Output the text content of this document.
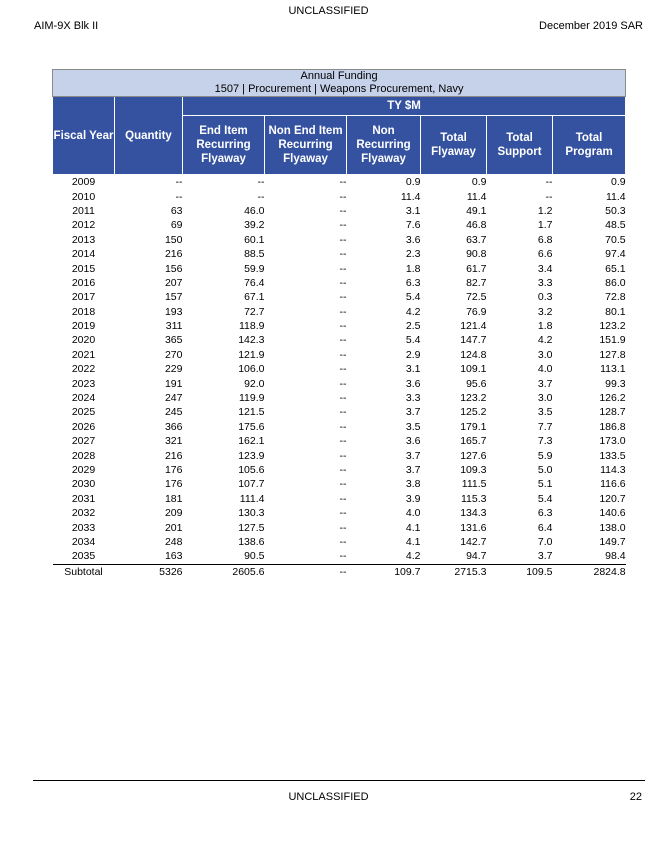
UNCLASSIFIED
AIM-9X Blk II	December 2019 SAR
Annual Funding
1507 | Procurement | Weapons Procurement, Navy							

Fiscal Year	Quantity	TY $M					
		End Item Recurring Flyaway	Non End Item Recurring Flyaway	Non Recurring Flyaway	Total Flyaway	Total Support	Total Program
2009	--	--	--	0.9	0.9	--	0.9
2010	--	--	--	11.4	11.4	--	11.4
2011	63	46.0	--	3.1	49.1	1.2	50.3
2012	69	39.2	--	7.6	46.8	1.7	48.5
2013	150	60.1	--	3.6	63.7	6.8	70.5
2014	216	88.5	--	2.3	90.8	6.6	97.4
2015	156	59.9	--	1.8	61.7	3.4	65.1
2016	207	76.4	--	6.3	82.7	3.3	86.0
2017	157	67.1	--	5.4	72.5	0.3	72.8
2018	193	72.7	--	4.2	76.9	3.2	80.1
2019	311	118.9	--	2.5	121.4	1.8	123.2
2020	365	142.3	--	5.4	147.7	4.2	151.9
2021	270	121.9	--	2.9	124.8	3.0	127.8
2022	229	106.0	--	3.1	109.1	4.0	113.1
2023	191	92.0	--	3.6	95.6	3.7	99.3
2024	247	119.9	--	3.3	123.2	3.0	126.2
2025	245	121.5	--	3.7	125.2	3.5	128.7
2026	366	175.6	--	3.5	179.1	7.7	186.8
2027	321	162.1	--	3.6	165.7	7.3	173.0
2028	216	123.9	--	3.7	127.6	5.9	133.5
2029	176	105.6	--	3.7	109.3	5.0	114.3
2030	176	107.7	--	3.8	111.5	5.1	116.6
2031	181	111.4	--	3.9	115.3	5.4	120.7
2032	209	130.3	--	4.0	134.3	6.3	140.6
2033	201	127.5	--	4.1	131.6	6.4	138.0
2034	248	138.6	--	4.1	142.7	7.0	149.7
2035	163	90.5	--	4.2	94.7	3.7	98.4
Subtotal	5326	2605.6	--	109.7	2715.3	109.5	2824.8
UNCLASSIFIED	22
